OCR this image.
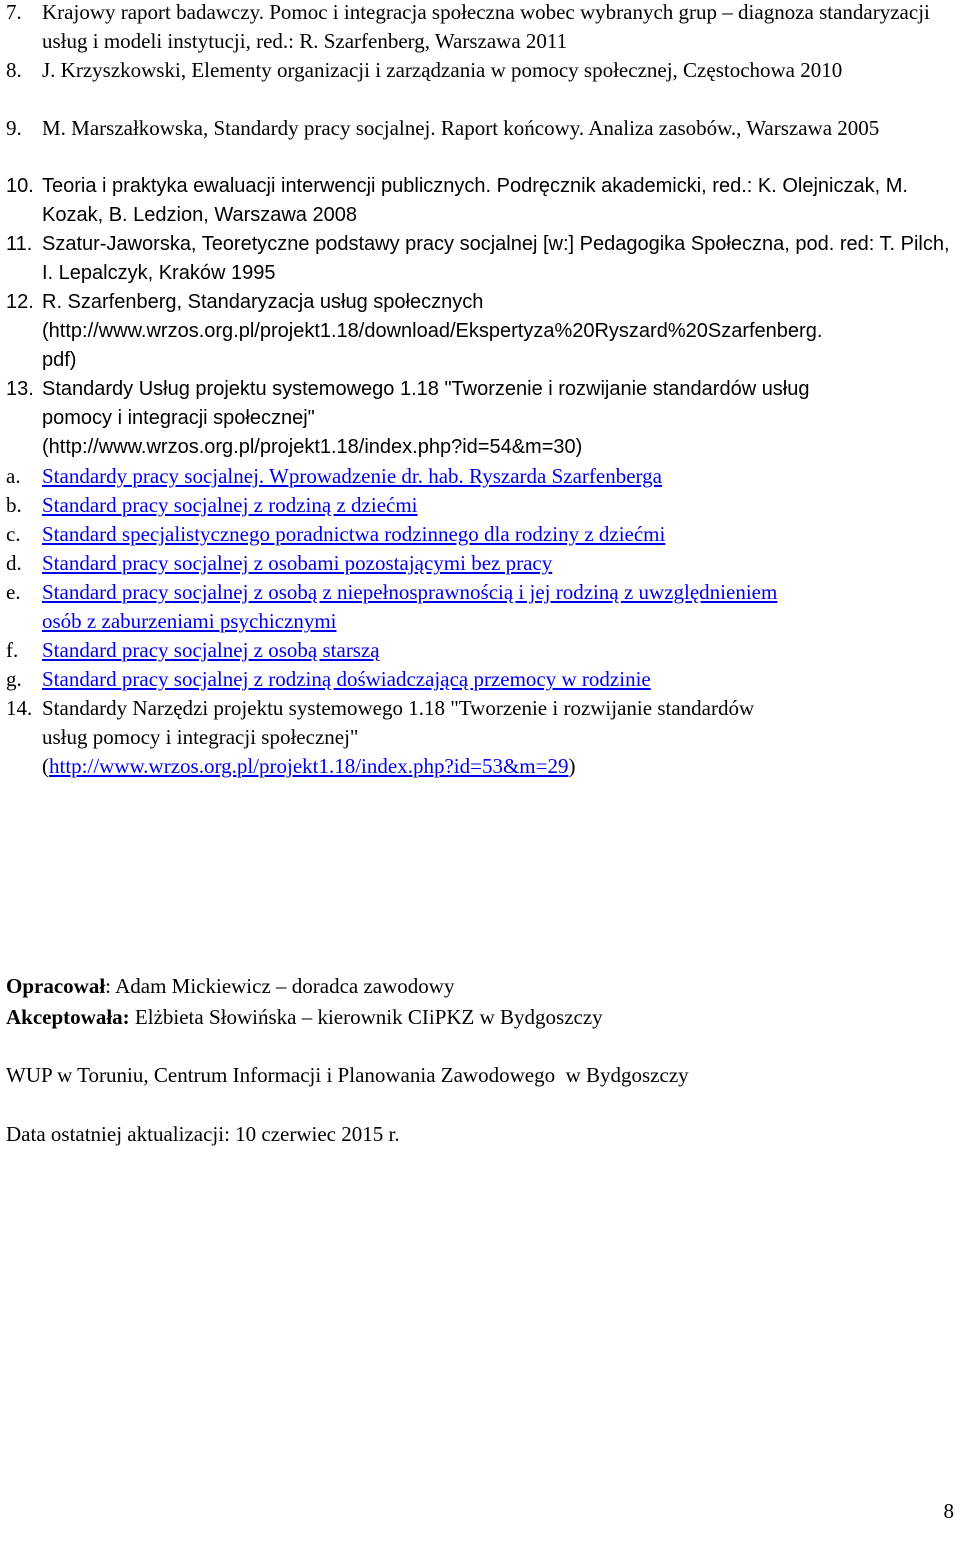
7. Krajowy raport badawczy. Pomoc i integracja społeczna wobec wybranych grup – diagnoza standaryzacji usług i modeli instytucji, red.: R. Szarfenberg, Warszawa 2011
8. J. Krzyszkowski, Elementy organizacji i zarządzania w pomocy społecznej, Częstochowa 2010
9. M. Marszałkowska, Standardy pracy socjalnej. Raport końcowy. Analiza zasobów., Warszawa 2005
10. Teoria i praktyka ewaluacji interwencji publicznych. Podręcznik akademicki, red.: K. Olejniczak, M. Kozak, B. Ledzion, Warszawa 2008
11. Szatur-Jaworska, Teoretyczne podstawy pracy socjalnej [w:] Pedagogika Społeczna, pod. red: T. Pilch, I. Lepalczyk, Kraków 1995
12. R. Szarfenberg, Standaryzacja usług społecznych
(http://www.wrzos.org.pl/projekt1.18/download/Ekspertyza%20Ryszard%20Szarfenberg.
pdf)
13. Standardy Usług projektu systemowego 1.18 "Tworzenie i rozwijanie standardów usług
pomocy i integracji społecznej"
(http://www.wrzos.org.pl/projekt1.18/index.php?id=54&m=30)
a.	Standardy pracy socjalnej. Wprowadzenie dr. hab. Ryszarda Szarfenberga
b. Standard pracy socjalnej z rodziną z dziećmi
c.	Standard specjalistycznego poradnictwa rodzinnego dla rodziny z dziećmi
d. Standard pracy socjalnej z osobami pozostającymi bez pracy
e.	Standard pracy socjalnej z osobą z niepełnosprawnością i jej rodziną z uwzględnieniem
osób z zaburzeniami psychicznymi
f.	Standard pracy socjalnej z osobą starszą
g. Standard pracy socjalnej z rodziną doświadczającą przemocy w rodzinie
14. Standardy Narzędzi projektu systemowego 1.18 "Tworzenie i rozwijanie standardów
usług pomocy i integracji społecznej"
(http://www.wrzos.org.pl/projekt1.18/index.php?id=53&m=29)
Opracował: Adam Mickiewicz – doradca zawodowy
Akceptowała: Elżbieta Słowińska – kierownik CIiPKZ w Bydgoszczy
WUP w Toruniu, Centrum Informacji i Planowania Zawodowego  w Bydgoszczy
Data ostatniej aktualizacji: 10 czerwiec 2015 r.
8
